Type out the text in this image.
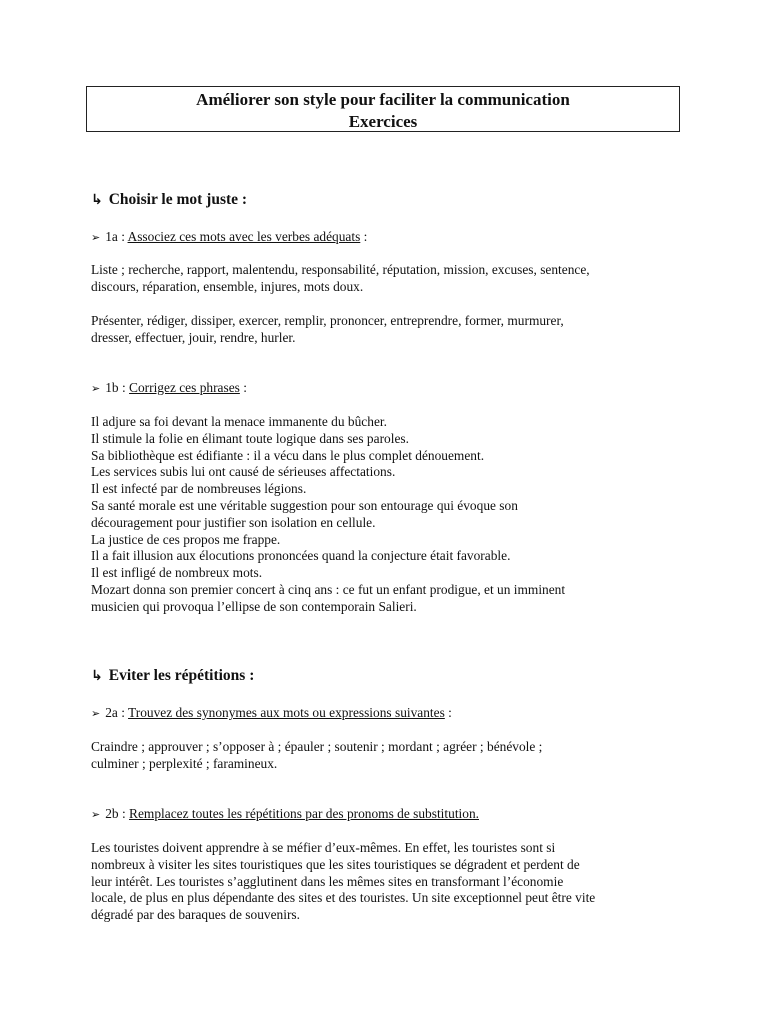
Améliorer son style pour faciliter la communication
Exercices
↳ Choisir le mot juste :
➢ 1a : Associez ces mots avec les verbes adéquats :
Liste ; recherche, rapport, malentendu, responsabilité, réputation, mission, excuses, sentence,
discours, réparation, ensemble, injures, mots doux.
Présenter, rédiger, dissiper, exercer, remplir, prononcer, entreprendre, former, murmurer,
dresser, effectuer, jouir, rendre, hurler.
➢ 1b : Corrigez ces phrases :
Il adjure sa foi devant la menace immanente du bûcher.
Il stimule la folie en élimant toute logique dans ses paroles.
Sa bibliothèque est édifiante : il a vécu dans le plus complet dénouement.
Les services subis lui ont causé de sérieuses affectations.
Il est infecté par de nombreuses légions.
Sa santé morale est une véritable suggestion pour son entourage qui évoque son
découragement pour justifier son isolation en cellule.
La justice de ces propos me frappe.
Il a fait illusion aux élocutions prononcées quand la conjecture était favorable.
Il est infligé de nombreux mots.
Mozart donna son premier concert à cinq ans : ce fut un enfant prodigue, et un imminent
musicien qui provoqua l’ellipse de son contemporain Salieri.
↳ Eviter les répétitions :
➢ 2a : Trouvez des synonymes aux mots ou expressions suivantes :
Craindre ; approuver ; s’opposer à ; épauler ; soutenir ; mordant ; agréer ; bénévole ;
culminer ; perplexité ; faramineux.
➢ 2b : Remplacez toutes les répétitions par des pronoms de substitution.
Les touristes doivent apprendre à se méfier d’eux-mêmes. En effet, les touristes sont si
nombreux à visiter les sites touristiques que les sites touristiques se dégradent et perdent de
leur intérêt. Les touristes s’agglutinent dans les mêmes sites en transformant l’économie
locale, de plus en plus dépendante des sites et des touristes. Un site exceptionnel peut être vite
dégradé par des baraques de souvenirs.
